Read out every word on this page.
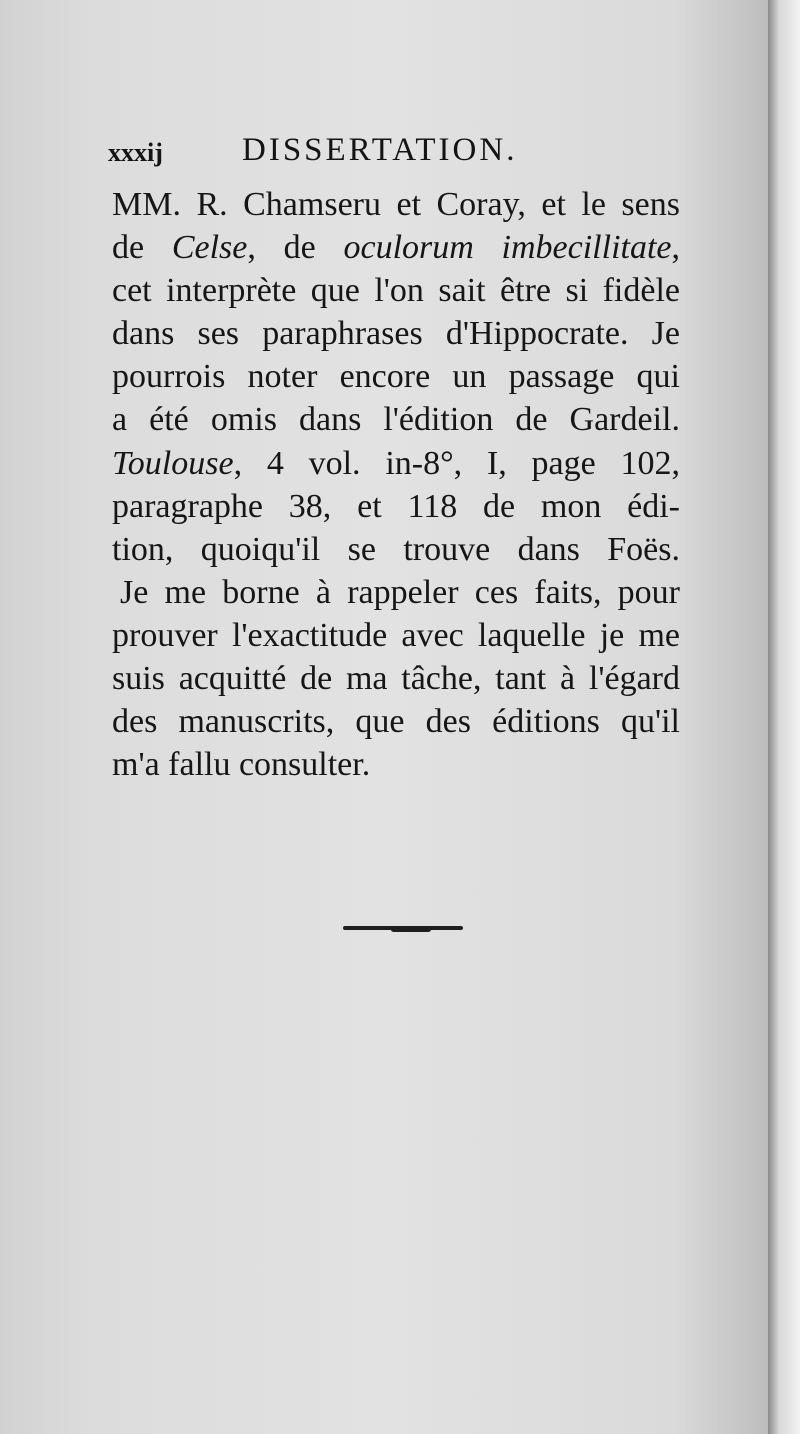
xxxij DISSERTATION.
MM. R. Chamseru et Coray, et le sens
de Celse, de oculorum imbecillitate,
cet interprète que l'on sait être si fidèle
dans ses paraphrases d'Hippocrate. Je
pourrois noter encore un passage qui
a été omis dans l'édition de Gardeil.
Toulouse, 4 vol. in-8°, I, page 102,
paragraphe 38, et 118 de mon édi-
tion, quoiqu'il se trouve dans Foës.
Je me borne à rappeler ces faits, pour
prouver l'exactitude avec laquelle je me
suis acquitté de ma tâche, tant à l'égard
des manuscrits, que des éditions qu'il
m'a fallu consulter.
